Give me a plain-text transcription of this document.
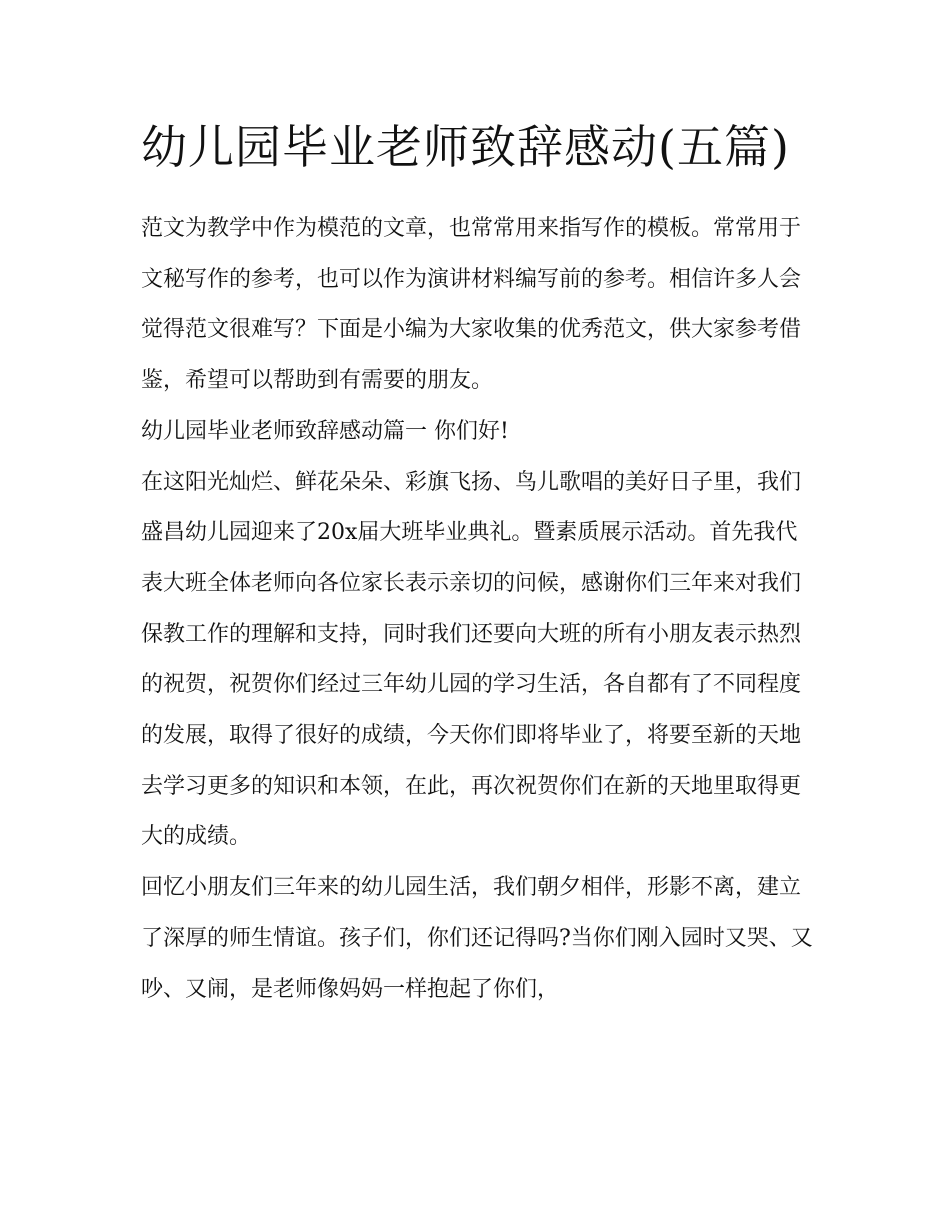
幼儿园毕业老师致辞感动(五篇)

范文为教学中作为模范的文章，也常常用来指写作的模板。常常用于文秘写作的参考，也可以作为演讲材料编写前的参考。相信许多人会觉得范文很难写？下面是小编为大家收集的优秀范文，供大家参考借鉴，希望可以帮助到有需要的朋友。

幼儿园毕业老师致辞感动篇一 你们好!

在这阳光灿烂、鲜花朵朵、彩旗飞扬、鸟儿歌唱的美好日子里，我们盛昌幼儿园迎来了20x届大班毕业典礼。暨素质展示活动。首先我代表大班全体老师向各位家长表示亲切的问候，感谢你们三年来对我们保教工作的理解和支持，同时我们还要向大班的所有小朋友表示热烈的祝贺，祝贺你们经过三年幼儿园的学习生活，各自都有了不同程度的发展，取得了很好的成绩，今天你们即将毕业了，将要至新的天地去学习更多的知识和本领，在此，再次祝贺你们在新的天地里取得更大的成绩。

回忆小朋友们三年来的幼儿园生活，我们朝夕相伴，形影不离，建立了深厚的师生情谊。孩子们，你们还记得吗?当你们刚入园时又哭、又吵、又闹，是老师像妈妈一样抱起了你们，
